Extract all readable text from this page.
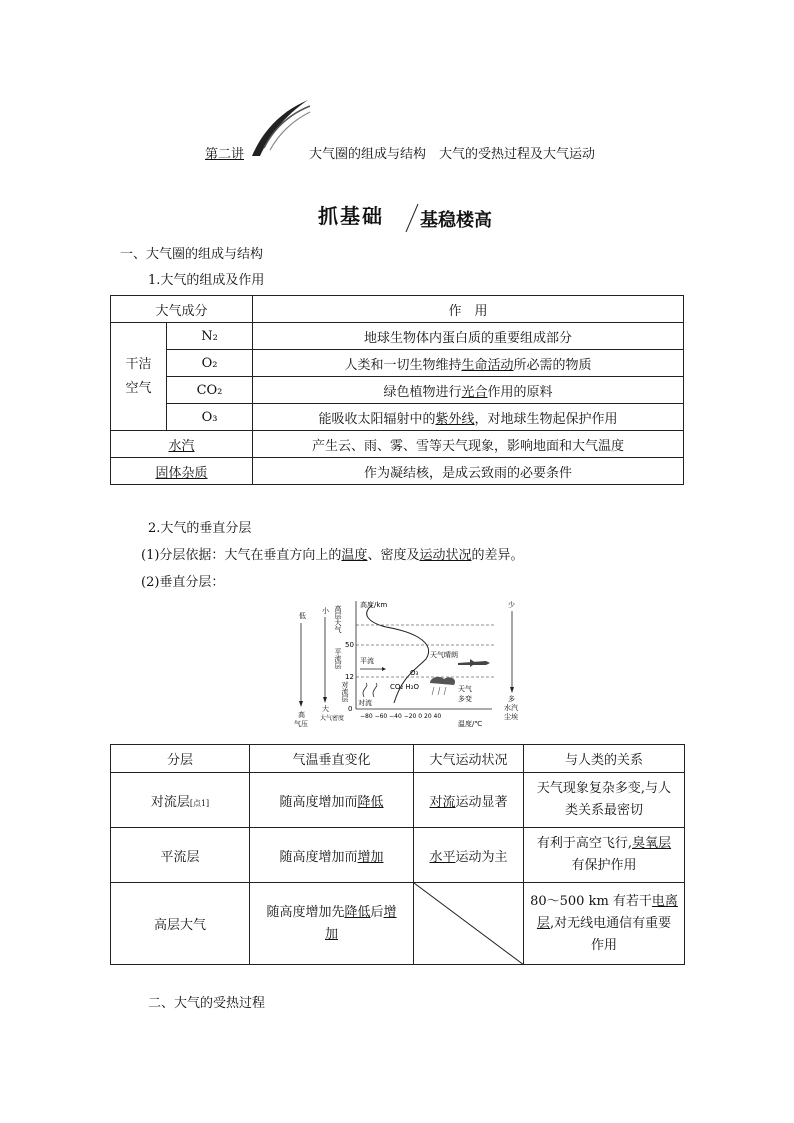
第二讲	大气圈的组成与结构　大气的受热过程及大气运动
抓基础 基稳楼高
一、大气圈的组成与结构
1.大气的组成及作用
大气成分		作　用
干洁
空气	N₂	地球生物体内蛋白质的重要组成部分
	O₂	人类和一切生物维持生命活动所必需的物质
	CO₂	绿色植物进行光合作用的原料
	O₃	能吸收太阳辐射中的紫外线，对地球生物起保护作用
水汽		产生云、雨、雾、雪等天气现象，影响地面和大气温度
固体杂质		作为凝结核，是成云致雨的必要条件
2.大气的垂直分层
(1)分层依据：大气在垂直方向上的温度、密度及运动状况的差异。
(2)垂直分层：
低
高
气压
小
大
大气密度
高层大气
平流层
对流层
高度/km
50
12
0
−80 −60 −40 −20 0 20 40
温度/℃
平流
对流
天气晴朗
O₃
CO₂ H₂O	天气
多变
少
多
水汽
尘埃
分层	气温垂直变化	大气运动状况	与人类的关系
对流层[点1]	随高度增加而降低	对流运动显著	天气现象复杂多变,与人
类关系最密切
平流层	随高度增加而增加	水平运动为主	有利于高空飞行,臭氧层
有保护作用
高层大气	随高度增加先降低后增
加		80～500 km 有若干电离
层,对无线电通信有重要
作用
二、大气的受热过程
